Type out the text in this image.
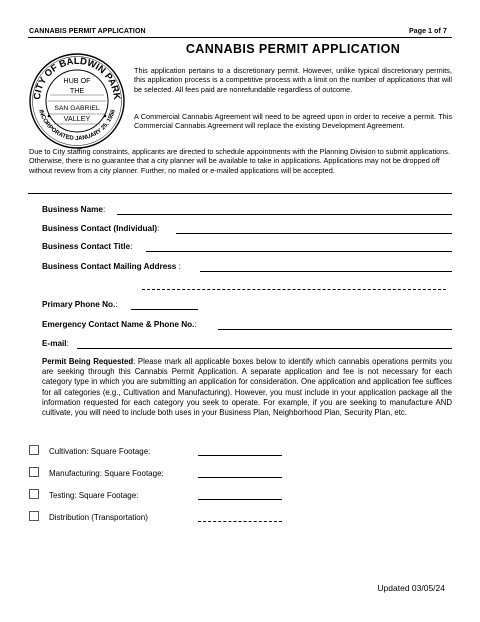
CANNABIS PERMIT APPLICATION	Page 1 of 7
CITY OF BALDWIN PARK
INCORPORATED JANUARY 25, 1956
HUB OF
THE
SAN GABRIEL
VALLEY
CANNABIS PERMIT APPLICATION
This application pertains to a discretionary permit. However, unlike typical discretionary permits, this application process is a competitive process with a limit on the number of applications that will be selected. All fees paid are nonrefundable regardless of outcome.
A Commercial Cannabis Agreement will need to be agreed upon in order to receive a permit. This Commercial Cannabis Agreement will replace the existing Development Agreement.
Due to City staffing constraints, applicants are directed to schedule appointments with the Planning Division to submit applications. Otherwise, there is no guarantee that a city planner will be available to take in applications. Applications may not be dropped off without review from a city planner. Further, no mailed or e-mailed applications will be accepted.
Business Name:
Business Contact (Individual):
Business Contact Title:
Business Contact Mailing Address :
Primary Phone No.:
Emergency Contact Name & Phone No.:
E-mail:
Permit Being Requested: Please mark all applicable boxes below to identify which cannabis operations permits you are seeking through this Cannabis Permit Application. A separate application and fee is not necessary for each category type in which you are submitting an application for consideration. One application and application fee suffices for all categories (e.g., Cultivation and Manufacturing). However, you must include in your application package all the information requested for each category you seek to operate. For example, if you are seeking to manufacture AND cultivate, you will need to include both uses in your Business Plan, Neighborhood Plan, Security Plan, etc.
Cultivation: Square Footage:
Manufacturing: Square Footage:
Testing: Square Footage:
Distribution (Transportation)
Updated 03/05/24
